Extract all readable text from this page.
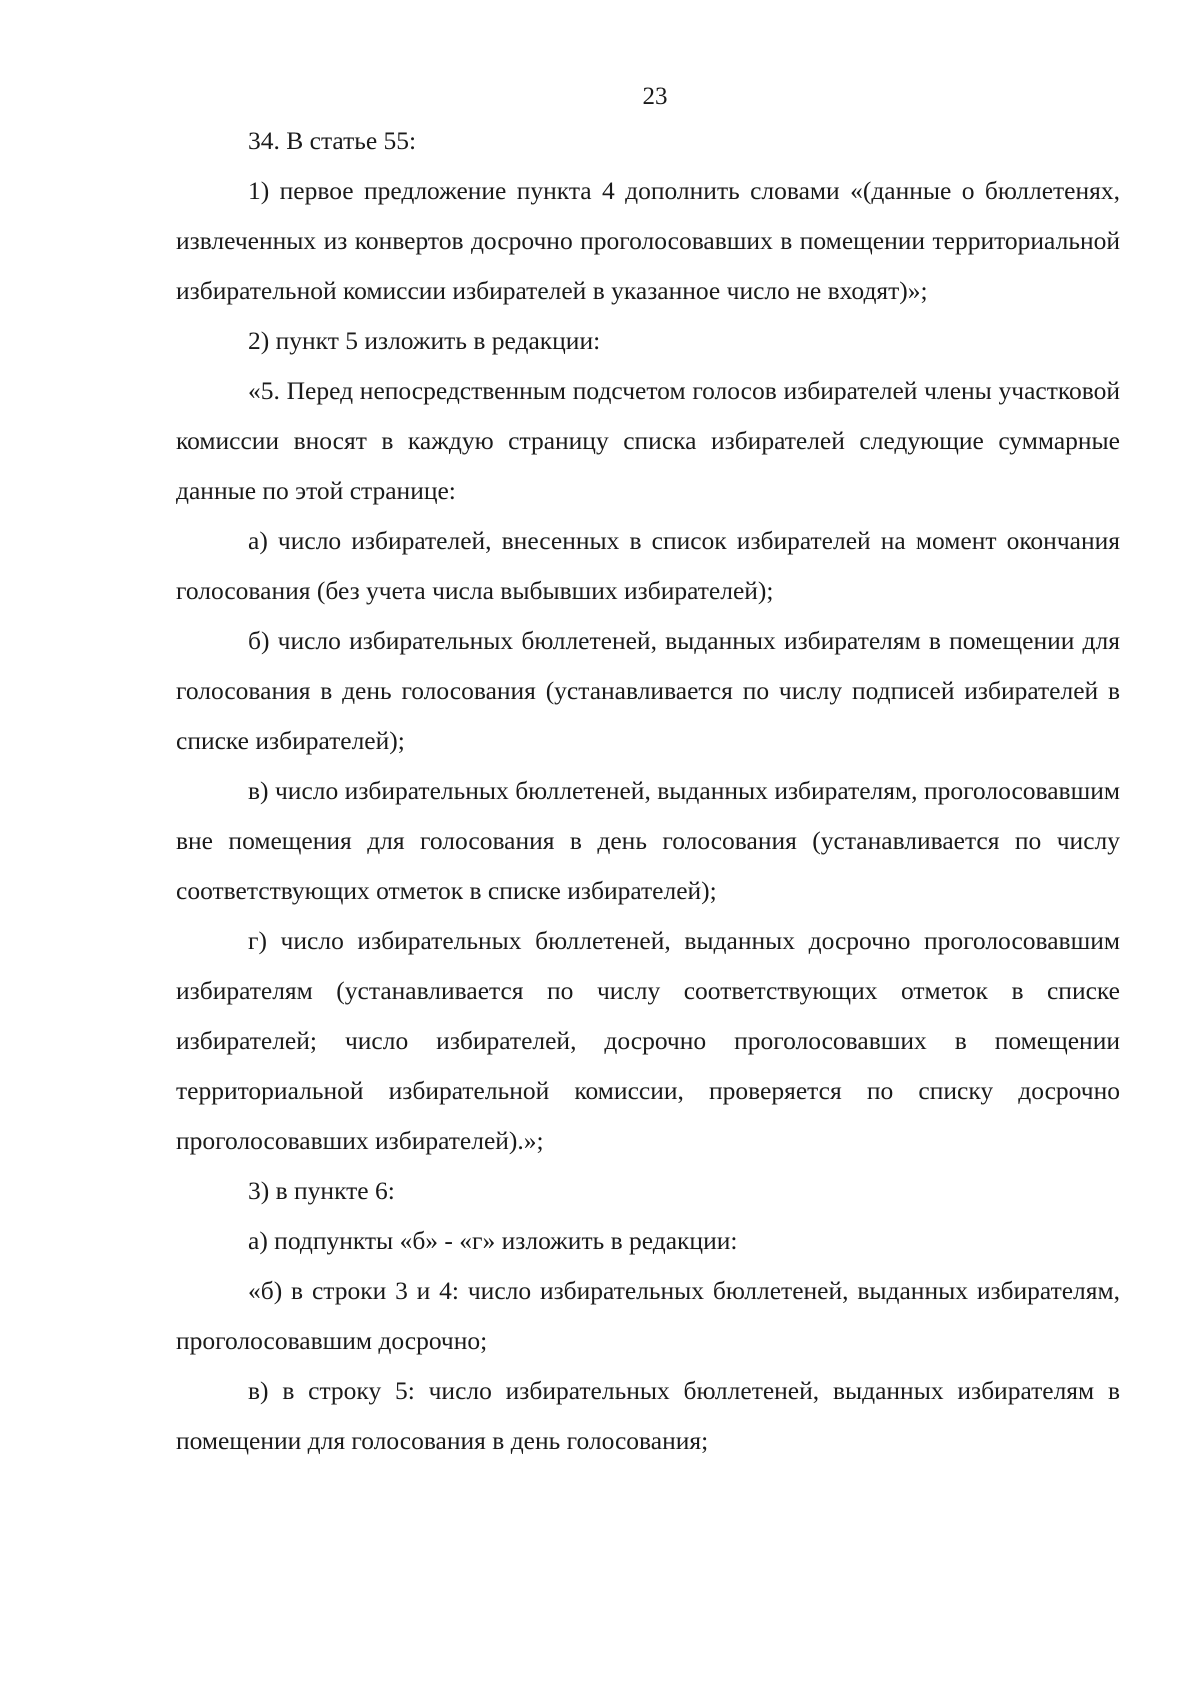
23

34. В статье 55:

1) первое предложение пункта 4 дополнить словами «(данные о бюллетенях, извлеченных из конвертов досрочно проголосовавших в помещении территориальной избирательной комиссии избирателей в указанное число не входят)»;

2) пункт 5 изложить в редакции:

«5. Перед непосредственным подсчетом голосов избирателей члены участковой комиссии вносят в каждую страницу списка избирателей следующие суммарные данные по этой странице:

а) число избирателей, внесенных в список избирателей на момент окончания голосования (без учета числа выбывших избирателей);

б) число избирательных бюллетеней, выданных избирателям в помещении для голосования в день голосования (устанавливается по числу подписей избирателей в списке избирателей);

в) число избирательных бюллетеней, выданных избирателям, проголосовавшим вне помещения для голосования в день голосования (устанавливается по числу соответствующих отметок в списке избирателей);

г) число избирательных бюллетеней, выданных досрочно проголосовавшим избирателям (устанавливается по числу соответствующих отметок в списке избирателей; число избирателей, досрочно проголосовавших в помещении территориальной избирательной комиссии, проверяется по списку досрочно проголосовавших избирателей).»;

3) в пункте 6:

а) подпункты «б» - «г» изложить в редакции:

«б) в строки 3 и 4: число избирательных бюллетеней, выданных избирателям, проголосовавшим досрочно;

в) в строку 5: число избирательных бюллетеней, выданных избирателям в помещении для голосования в день голосования;
